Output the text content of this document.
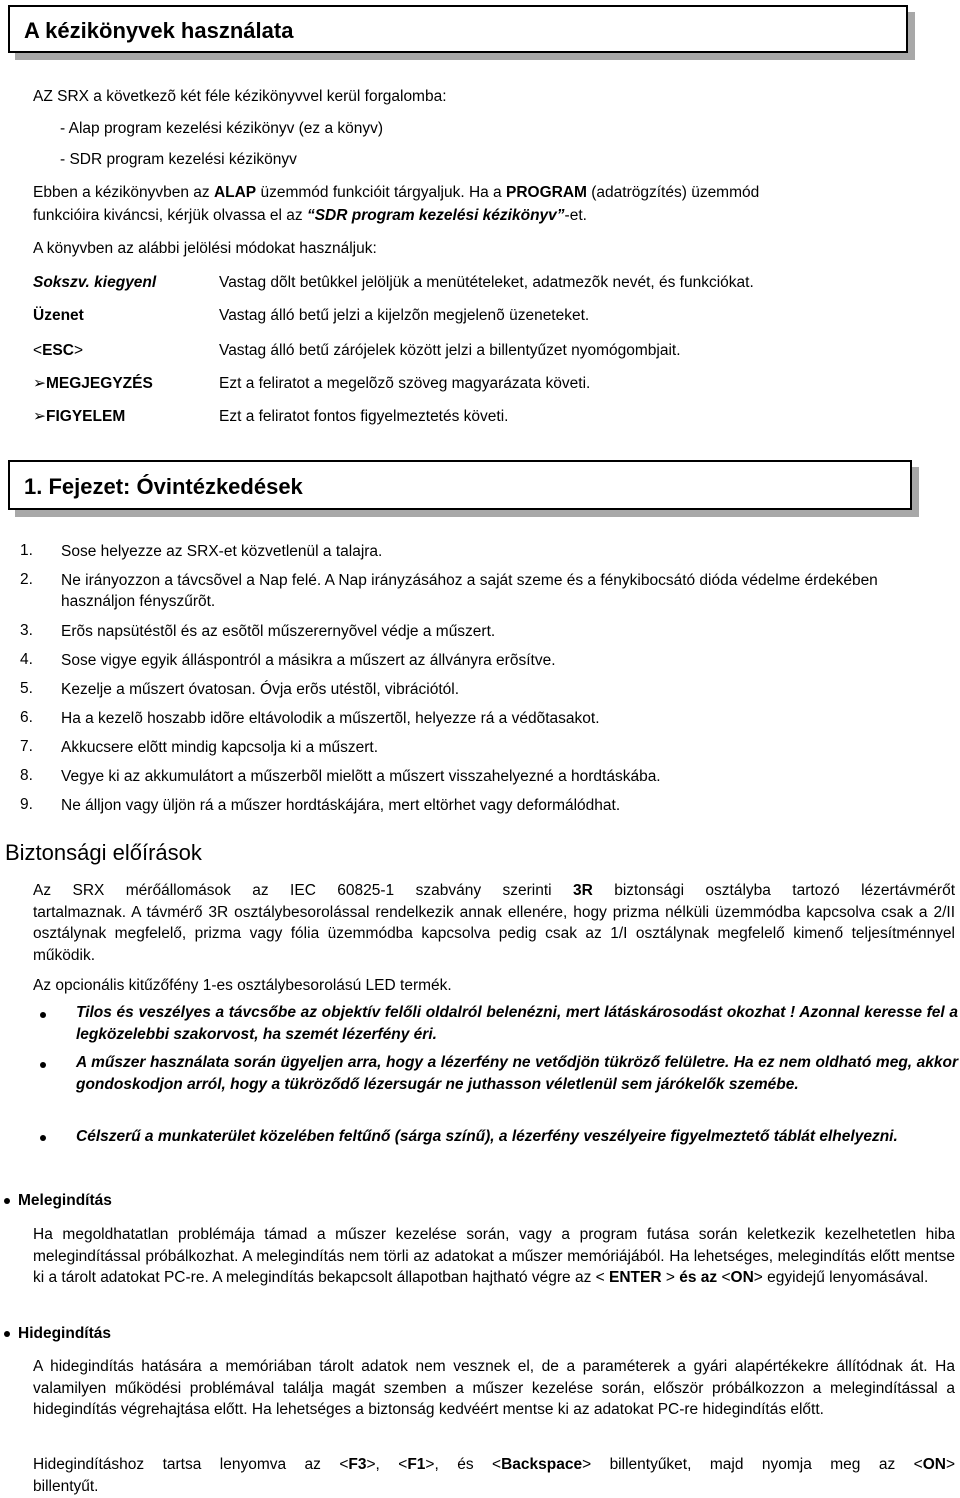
A kézikönyvek használata
AZ SRX a következõ két féle kézikönyvvel kerül forgalomba:
- Alap program kezelési kézikönyv (ez a könyv)
- SDR program kezelési kézikönyv
Ebben a kézikönyvben az ALAP üzemmód funkcióit tárgyaljuk. Ha a PROGRAM (adatrögzítés) üzemmód
funkcióira kiváncsi, kérjük olvassa el az “SDR program kezelési kézikönyv”-et.
A könyvben az alábbi jelölési módokat használjuk:
Sokszv. kiegyenl	Vastag dõlt betûkkel jelöljük a menütételeket, adatmezõk nevét, és funkciókat.
Üzenet	Vastag álló betű jelzi a kijelzõn megjelenõ üzeneteket.
<ESC>	Vastag álló betű zárójelek között jelzi a billentyűzet nyomógombjait.
➢MEGJEGYZÉS	Ezt a feliratot a megelõzõ szöveg magyarázata követi.
➢FIGYELEM	Ezt a feliratot fontos figyelmeztetés követi.
1. Fejezet: Óvintézkedések
1. Sose helyezze az SRX-et közvetlenül a talajra.
2. Ne irányozzon a távcsõvel a Nap felé. A Nap irányzásához a saját szeme és a fénykibocsátó dióda védelme érdekében használjon fényszűrõt.
3. Erõs napsütéstõl és az esõtõl műszerernyõvel védje a műszert.
4. Sose vigye egyik álláspontról a másikra a műszert az állványra erõsítve.
5. Kezelje a műszert óvatosan. Óvja erõs utéstõl, vibrációtól.
6. Ha a kezelõ hoszabb idõre eltávolodik a műszertõl, helyezze rá a védõtasakot.
7. Akkucsere elõtt mindig kapcsolja ki a műszert.
8. Vegye ki az akkumulátort a műszerbõl mielõtt a műszert visszahelyezné a hordtáskába.
9. Ne álljon vagy üljön rá a műszer hordtáskájára, mert eltörhet vagy deformálódhat.
Biztonsági előírások
Az SRX mérőállomások az IEC 60825-1 szabvány szerinti 3R biztonsági osztályba tartozó lézertávmérőt
tartalmaznak. A távmérő 3R osztálybesorolással rendelkezik annak ellenére, hogy prizma nélküli üzemmódba kapcsolva csak a 2/II osztálynak megfelelő, prizma vagy fólia üzemmódba kapcsolva pedig csak az 1/I osztálynak megfelelő kimenő teljesítménnyel működik.
Az opcionális kitűzőfény 1-es osztálybesorolású LED termék.
Tilos és veszélyes a távcsőbe az objektív felőli oldalról belenézni, mert látáskárosodást okozhat ! Azonnal keresse fel a legközelebbi szakorvost, ha szemét lézerfény éri.
A műszer használata során ügyeljen arra, hogy a lézerfény ne vetődjön tükröző felületre. Ha ez nem oldható meg, akkor gondoskodjon arról, hogy a tükröződő lézersugár ne juthasson véletlenül sem járókelők szemébe.
Célszerű a munkaterület közelében feltűnő (sárga színű), a lézerfény veszélyeire figyelmeztető táblát elhelyezni.
Melegindítás
Ha megoldhatatlan problémája támad a műszer kezelése során, vagy a program futása során keletkezik kezelhetetlen hiba melegindítással próbálkozhat. A melegindítás nem törli az adatokat a műszer memóriájából. Ha lehetséges, melegindítás előtt mentse ki a tárolt adatokat PC-re. A melegindítás bekapcsolt állapotban hajtható végre az < ENTER > és az <ON> egyidejű lenyomásával.
Hidegindítás
A hidegindítás hatására a memóriában tárolt adatok nem vesznek el, de a paraméterek a gyári alapértékekre állítódnak át. Ha valamilyen működési problémával találja magát szemben a műszer kezelése során, először próbálkozzon a melegindítással a hidegindítás végrehajtása előtt. Ha lehetséges a biztonság kedvéért mentse ki az adatokat PC-re hidegindítás előtt.
Hidegindításhoz tartsa lenyomva az <F3>, <F1>, és <Backspace> billentyűket, majd nyomja meg az <ON>
billentyűt.
